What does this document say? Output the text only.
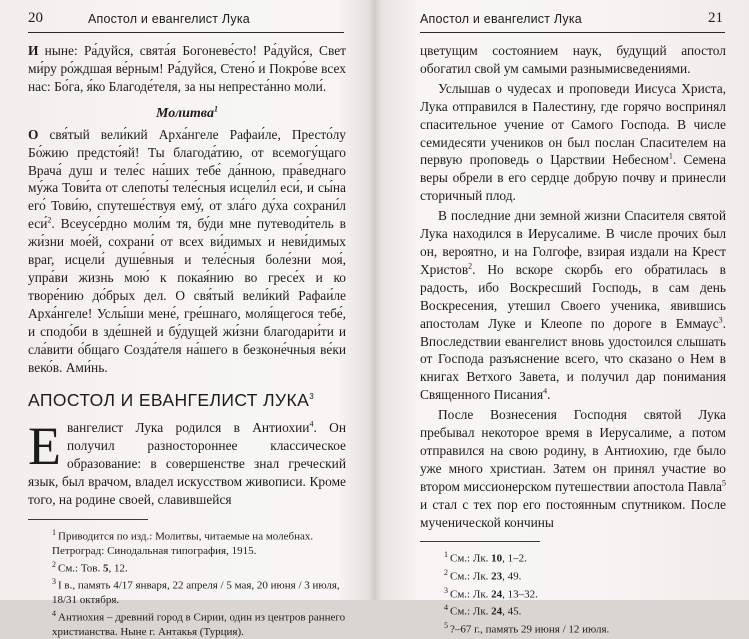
20	Апостол и евангелист Лука

И ныне: Ра́дуйся, свята́я Богоневе́сто! Ра́дуйся, Свет ми́ру ро́ждшая ве́рным! Ра́дуйся, Стено́ и Покро́ве всех нас: Бо́га, я́ко Благоде́теля, за ны непреста́нно моли́.

Молитва$^1$

О свя́тый вели́кий Арха́нгеле Рафаи́ле, Престо́лу Бо́жию предсто́яй! Ты благода́тию, от всемогу́щаго Врача́ душ и теле́с на́ших тебе́ да́нною, пра́веднаго му́жа Тови́та от слепоты́ теле́сныя исцели́л еси́, и сы́на его́ Тови́ю, спутеше́ствуя ему́, от зла́го ду́ха сохрани́л еси́$^2$. Всеусе́рдно моли́м тя, бу́ди мне путеводи́тель в жи́зни мое́й, сохрани́ от всех ви́димых и неви́димых враг, исцели́ душе́вныя и теле́сныя боле́зни моя́, упра́ви жизнь мою́ к покая́нию во гресе́х и ко творе́нию до́брых дел. О свя́тый вели́кий Рафаи́ле Арха́нгеле! Услы́ши мене́, гре́шнаго, моля́щегося тебе́, и сподо́би в зде́шней и бу́дущей жи́зни благодари́ти и сла́вити о́бщаго Созда́теля на́шего в безконе́чныя ве́ки веко́в. Ами́нь.

АПОСТОЛ И ЕВАНГЕЛИСТ ЛУКА$^3$

Евангелист Лука родился в Антиохии$^4$. Он получил разностороннее классическое образование: в совершенстве знал греческий язык, был врачом, владел искусством живописи. Кроме того, на родине своей, славившейся

$^1$ Приводится по изд.: Молитвы, читаемые на молебнах. Петроград: Синодальная типография, 1915.

$^2$ См.: Тов. 5, 12.

$^3$ I в., память 4/17 января, 22 апреля / 5 мая, 20 июня / 3 июля, 18/31 октября.

$^4$ Антиохия – древний город в Сирии, один из центров раннего христианства. Ныне г. Антакья (Турция).

Апостол и евангелист Лука	21

цветущим состоянием наук, будущий апостол обогатил свой ум самыми разнымисведениями.

Услышав о чудесах и проповеди Иисуса Христа, Лука отправился в Палестину, где горячо воспринял спасительное учение от Самого Господа. В числе семидесяти учеников он был послан Спасителем на первую проповедь о Царствии Небесном$^1$. Семена веры обрели в его сердце добрую почву и принесли сторичный плод.

В последние дни земной жизни Спасителя святой Лука находился в Иерусалиме. В числе прочих был он, вероятно, и на Голгофе, взирая издали на Крест Христов$^2$. Но вскоре скорбь его обратилась в радость, ибо Воскресший Господь, в сам день Воскресения, утешил Своего ученика, явившись апостолам Луке и Клеопе по дороге в Еммаус$^3$. Впоследствии евангелист вновь удостоился слышать от Господа разъяснение всего, что сказано о Нем в книгах Ветхого Завета, и получил дар понимания Священного Писания$^4$.

После Вознесения Господня святой Лука пребывал некоторое время в Иерусалиме, а потом отправился на свою родину, в Антиохию, где было уже много христиан. Затем он принял участие во втором миссионерском путешествии апостола Павла$^5$ и стал с тех пор его постоянным спутником. После мученической кончины

$^1$ См.: Лк. 10, 1–2.

$^2$ См.: Лк. 23, 49.

$^3$ См.: Лк. 24, 13–32.

$^4$ См.: Лк. 24, 45.

$^5$ ?–67 г., память 29 июня / 12 июля.
